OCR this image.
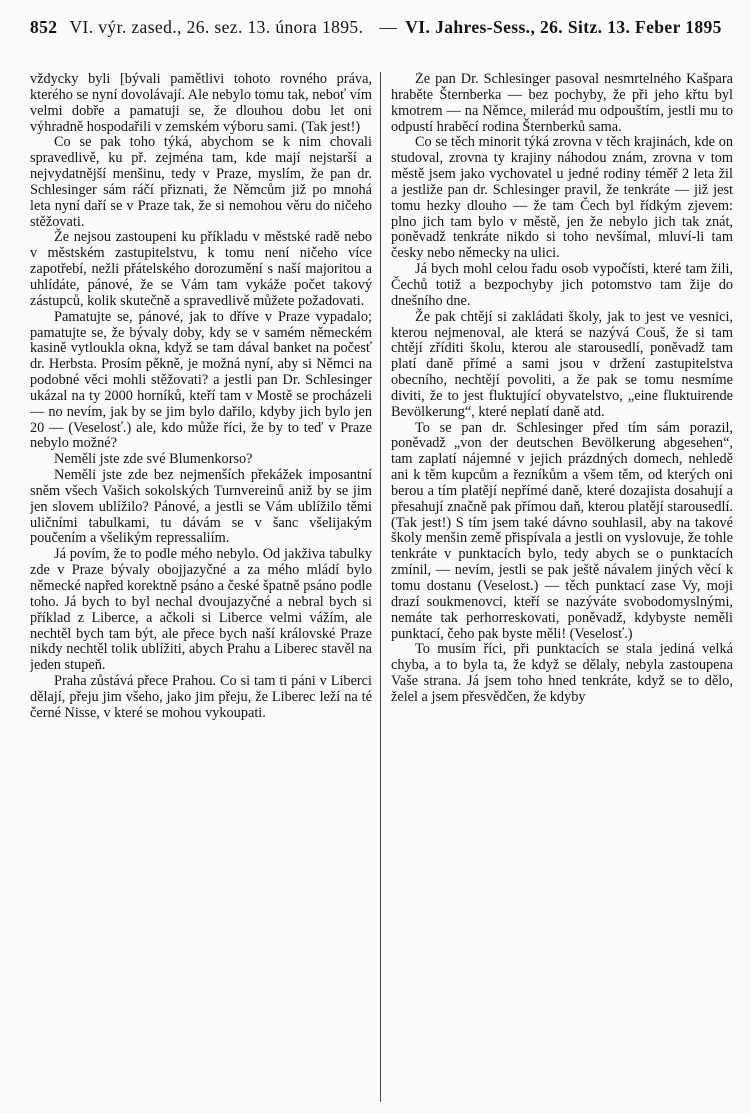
852 VI. výr. zased., 26. sez. 13. února 1895. — VI. Jahres-Sess., 26. Sitz. 13. Feber 1895

vždycky byli [bývali pamětlivi tohoto rovného práva, kterého se nyní dovolávají. Ale nebylo tomu tak, neboť vím velmi dobře a pamatuji se, že dlouhou dobu let oni výhradně hospodařili v zemském výboru sami. (Tak jest!)

Co se pak toho týká, abychom se k nim chovali spravedlivě, ku př. zejména tam, kde mají nejstarší a nejvydatnější menšinu, tedy v Praze, myslím, že pan dr. Schlesinger sám ráčí přiznati, že Němcům již po mnohá leta nyní daří se v Praze tak, že si nemohou věru do ničeho stěžovati.

Že nejsou zastoupeni ku příkladu v městské radě nebo v městském zastupitelstvu, k tomu není ničeho více zapotřebí, nežli přátelského dorozumění s naší majoritou a uhlídáte, pánové, že se Vám tam vykáže počet takový zástupců, kolik skutečně a spravedlivě můžete požadovati.

Pamatujte se, pánové, jak to dříve v Praze vypadalo; pamatujte se, že bývaly doby, kdy se v samém německém kasině vytloukla okna, když se tam dával banket na počesť dr. Herbsta. Prosím pěkně, je možná nyní, aby si Němci na podobné věci mohli stěžovati? a jestli pan Dr. Schlesinger ukázal na ty 2000 horníků, kteří tam v Mostě se procházeli — no nevím, jak by se jim bylo dařilo, kdyby jich bylo jen 20 — (Veselosť.) ale, kdo může říci, že by to teď v Praze nebylo možné?

Neměli jste zde své Blumenkorso?

Neměli jste zde bez nejmenších překážek imposantní sněm všech Vašich sokolských Turnvereinů aniž by se jim jen slovem ublížilo? Pánové, a jestli se Vám ublížilo těmi uličními tabulkami, tu dávám se v šanc všelijakým poučením a všelikým repressaliím.

Já povím, že to podle mého nebylo. Od jakživa tabulky zde v Praze bývaly obojjazyčné a za mého mládí bylo německé napřed korektně psáno a české špatně psáno podle toho. Já bych to byl nechal dvoujazyčné a nebral bych si příklad z Liberce, a ačkoli si Liberce velmi vážím, ale nechtěl bych tam být, ale přece bych naší královské Praze nikdy nechtěl tolik ublížiti, abych Prahu a Liberec stavěl na jeden stupeň.

Praha zůstává přece Prahou. Co si tam ti páni v Liberci dělají, přeju jim všeho, jako jim přeju, že Liberec leží na té černé Nisse, v které se mohou vykoupati.

Že pan Dr. Schlesinger pasoval nesmrtelného Kašpara hraběte Šternberka — bez pochyby, že při jeho křtu byl kmotrem — na Němce, milerád mu odpouštím, jestli mu to odpustí hraběcí rodina Šternberků sama.

Co se těch minorit týká zrovna v těch krajinách, kde on studoval, zrovna ty krajiny náhodou znám, zrovna v tom městě jsem jako vychovatel u jedné rodiny téměř 2 leta žil a jestliže pan dr. Schlesinger pravil, že tenkráte — již jest tomu hezky dlouho — že tam Čech byl řídkým zjevem: plno jich tam bylo v městě, jen že nebylo jich tak znát, poněvadž tenkráte nikdo si toho nevšímal, mluví-li tam česky nebo německy na ulici.

Já bych mohl celou řadu osob vypočísti, které tam žili, Čechů totiž a bezpochyby jich potomstvo tam žije do dnešního dne.

Že pak chtějí si zakládati školy, jak to jest ve vesnici, kterou nejmenoval, ale která se nazývá Couš, že si tam chtějí zříditi školu, kterou ale starousedlí, poněvadž tam platí daně přímé a sami jsou v držení zastupitelstva obecního, nechtějí povoliti, a že pak se tomu nesmíme diviti, že to jest fluktující obyvatelstvo, „eine fluktuirende Bevölkerung“, které neplatí daně atd.

To se pan dr. Schlesinger před tím sám porazil, poněvadž „von der deutschen Bevölkerung abgesehen“, tam zaplatí nájemné v jejich prázdných domech, nehledě ani k těm kupcům a řezníkům a všem těm, od kterých oni berou a tím platějí nepřímé daně, které dozajista dosahují a přesahují značně pak přímou daň, kterou platějí starousedlí. (Tak jest!) S tím jsem také dávno souhlasil, aby na takové školy menšin země přispívala a jestli on vyslovuje, že tohle tenkráte v punktacích bylo, tedy abych se o punktacích zmínil, — nevím, jestli se pak ještě návalem jiných věcí k tomu dostanu (Veselost.) — těch punktací zase Vy, moji drazí soukmenovci, kteří se nazýváte svobodomyslnými, nemáte tak perhorreskovati, poněvadž, kdybyste neměli punktací, čeho pak byste měli! (Veselosť.)

To musím říci, při punktacích se stala jediná velká chyba, a to byla ta, že když se dělaly, nebyla zastoupena Vaše strana. Já jsem toho hned tenkráte, když se to dělo, želel a jsem přesvědčen, že kdyby
